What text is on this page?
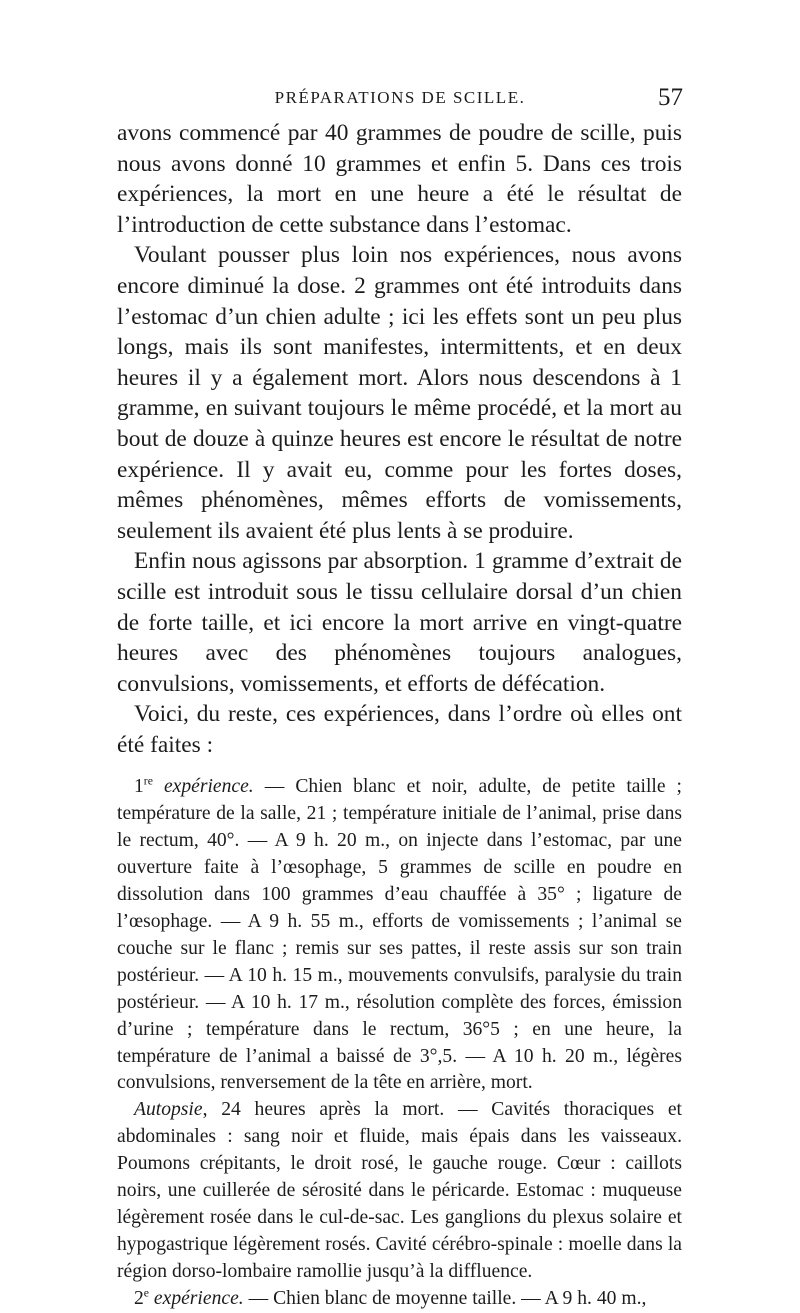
PRÉPARATIONS DE SCILLE.	57

avons commencé par 40 grammes de poudre de scille, puis nous avons donné 10 grammes et enfin 5. Dans ces trois expériences, la mort en une heure a été le résultat de l’introduction de cette substance dans l’estomac.

Voulant pousser plus loin nos expériences, nous avons encore diminué la dose. 2 grammes ont été introduits dans l’estomac d’un chien adulte ; ici les effets sont un peu plus longs, mais ils sont manifestes, intermittents, et en deux heures il y a également mort. Alors nous descendons à 1 gramme, en suivant toujours le même procédé, et la mort au bout de douze à quinze heures est encore le résultat de notre expérience. Il y avait eu, comme pour les fortes doses, mêmes phénomènes, mêmes efforts de vomissements, seulement ils avaient été plus lents à se produire.

Enfin nous agissons par absorption. 1 gramme d’extrait de scille est introduit sous le tissu cellulaire dorsal d’un chien de forte taille, et ici encore la mort arrive en vingt-quatre heures avec des phénomènes toujours analogues, convulsions, vomissements, et efforts de défécation.

Voici, du reste, ces expériences, dans l’ordre où elles ont été faites :

1re expérience. — Chien blanc et noir, adulte, de petite taille ; température de la salle, 21 ; température initiale de l’animal, prise dans le rectum, 40°. — A 9 h. 20 m., on injecte dans l’estomac, par une ouverture faite à l’œsophage, 5 grammes de scille en poudre en dissolution dans 100 grammes d’eau chauffée à 35° ; ligature de l’œsophage. — A 9 h. 55 m., efforts de vomissements ; l’animal se couche sur le flanc ; remis sur ses pattes, il reste assis sur son train postérieur. — A 10 h. 15 m., mouvements convulsifs, paralysie du train postérieur. — A 10 h. 17 m., résolution complète des forces, émission d’urine ; température dans le rectum, 36°5 ; en une heure, la température de l’animal a baissé de 3°,5. — A 10 h. 20 m., légères convulsions, renversement de la tête en arrière, mort.

Autopsie, 24 heures après la mort. — Cavités thoraciques et abdominales : sang noir et fluide, mais épais dans les vaisseaux. Poumons crépitants, le droit rosé, le gauche rouge. Cœur : caillots noirs, une cuillerée de sérosité dans le péricarde. Estomac : muqueuse légèrement rosée dans le cul-de-sac. Les ganglions du plexus solaire et hypogastrique légèrement rosés. Cavité cérébro-spinale : moelle dans la région dorso-lombaire ramollie jusqu’à la diffluence.

2e expérience. — Chien blanc de moyenne taille. — A 9 h. 40 m.,
